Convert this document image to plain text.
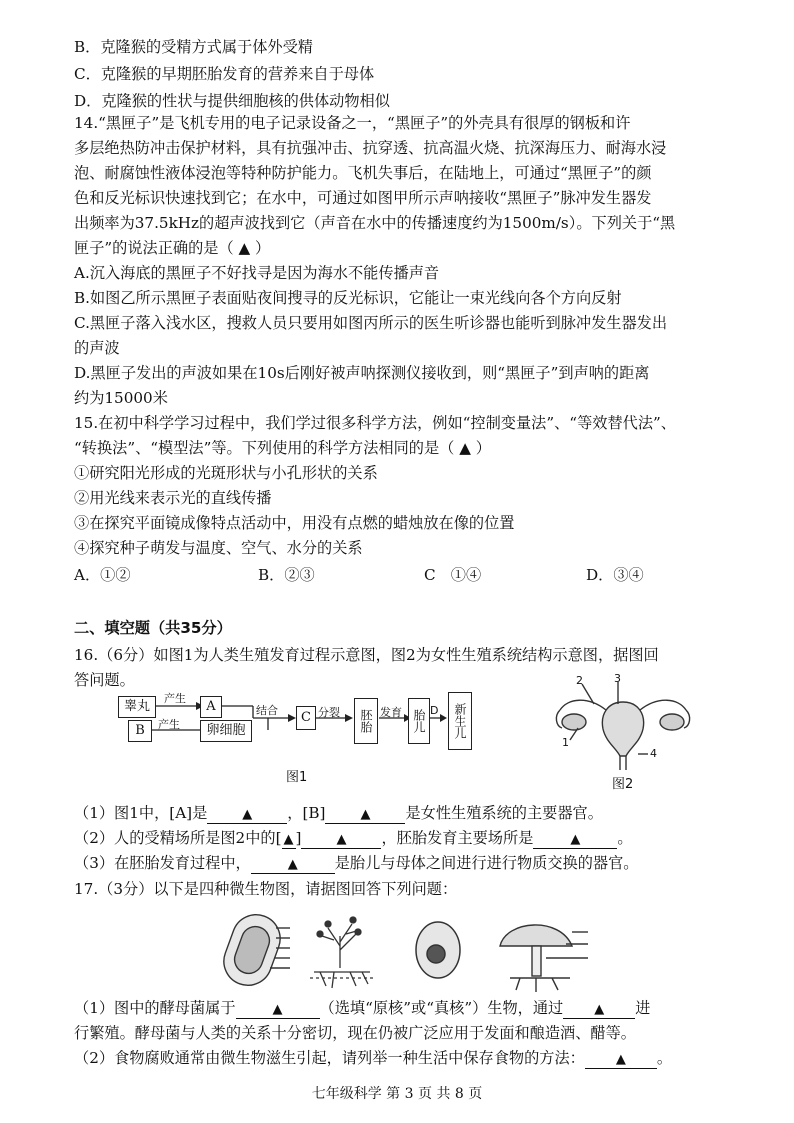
B．克隆猴的受精方式属于体外受精
C．克隆猴的早期胚胎发育的营养来自于母体
D．克隆猴的性状与提供细胞核的供体动物相似
14.“黑匣子”是飞机专用的电子记录设备之一，“黑匣子”的外壳具有很厚的钢板和许
多层绝热防冲击保护材料，具有抗强冲击、抗穿透、抗高温火烧、抗深海压力、耐海水浸
泡、耐腐蚀性液体浸泡等特种防护能力。飞机失事后，在陆地上，可通过“黑匣子”的颜
色和反光标识快速找到它；在水中，可通过如图甲所示声呐接收“黑匣子”脉冲发生器发
出频率为37.5kHz的超声波找到它（声音在水中的传播速度约为1500m/s）。下列关于“黑
匣子”的说法正确的是（ ▲ ）
A.沉入海底的黑匣子不好找寻是因为海水不能传播声音
B.如图乙所示黑匣子表面贴夜间搜寻的反光标识，它能让一束光线向各个方向反射
C.黑匣子落入浅水区，搜救人员只要用如图丙所示的医生听诊器也能听到脉冲发生器发出
的声波
D.黑匣子发出的声波如果在10s后刚好被声呐探测仪接收到，则“黑匣子”到声呐的距离
约为15000米
15.在初中科学学习过程中，我们学过很多科学方法，例如“控制变量法”、“等效替代法”、
“转换法”、“模型法”等。下列使用的科学方法相同的是（ ▲ ）
①研究阳光形成的光斑形状与小孔形状的关系
②用光线来表示光的直线传播
③在探究平面镜成像特点活动中，用没有点燃的蜡烛放在像的位置
④探究种子萌发与温度、空气、水分的关系
A．①②	B．②③	C　①④	D．③④
二、填空题（共35分）
16.（6分）如图1为人类生殖发育过程示意图，图2为女性生殖系统结构示意图，据图回
答问题。
睾丸
产生
A
B	产生	卵细胞
结合	C 分裂	胚胎 发育 胎儿 D	新生儿
图1
2	3
1
4
图2
（1）图1中，[A]是	▲ ，[B]	▲ 是女性生殖系统的主要器官。
（2）人的受精场所是图2中的[ ▲ ]	▲ ，胚胎发育主要场所是	▲ 。
（3）在胚胎发育过程中，	▲ 是胎儿与母体之间进行进行物质交换的器官。
17.（3分）以下是四种微生物图，请据图回答下列问题：
（1）图中的酵母菌属于	▲ （选填“原核”或“真核”）生物，通过 ▲ 进
行繁殖。酵母菌与人类的关系十分密切，现在仍被广泛应用于发面和酿造酒、醋等。
（2）食物腐败通常由微生物滋生引起，请列举一种生活中保存食物的方法： ▲ 。
七年级科学 第 3 页 共 8 页
